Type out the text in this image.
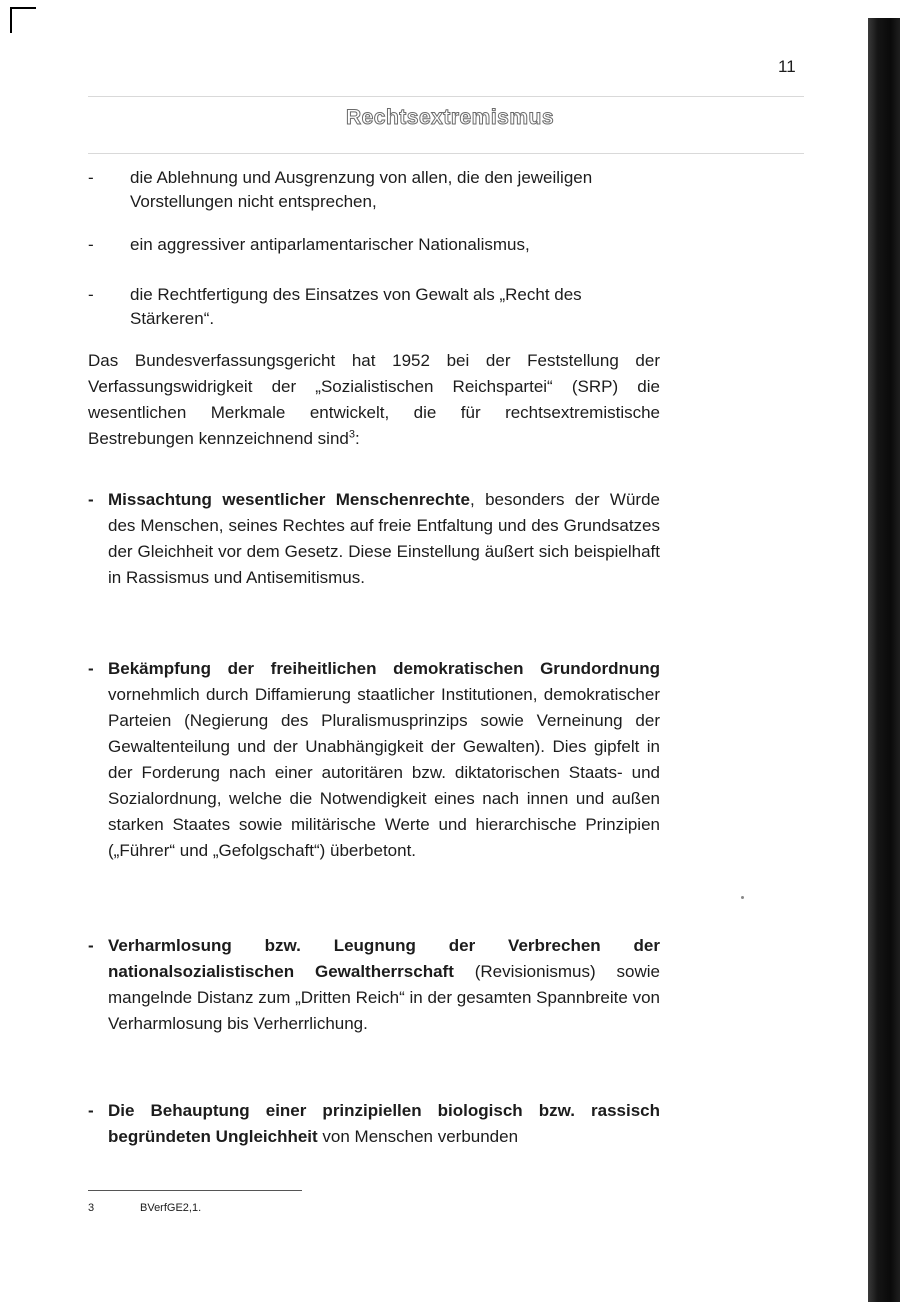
11
Rechtsextremismus
- die Ablehnung und Ausgrenzung von allen, die den jeweiligen Vorstellungen nicht entsprechen,
- ein aggressiver antiparlamentarischer Nationalismus,
- die Rechtfertigung des Einsatzes von Gewalt als „Recht des Stärkeren“.
Das Bundesverfassungsgericht hat 1952 bei der Feststellung der Verfassungswidrigkeit der „Sozialistischen Reichspartei“ (SRP) die wesentlichen Merkmale entwickelt, die für rechtsextremistische Bestrebungen kennzeichnend sind$^3$:
- Missachtung wesentlicher Menschenrechte, besonders der Würde des Menschen, seines Rechtes auf freie Entfaltung und des Grundsatzes der Gleichheit vor dem Gesetz. Diese Einstellung äußert sich beispielhaft in Rassismus und Antisemitismus.
- Bekämpfung der freiheitlichen demokratischen Grundordnung vornehmlich durch Diffamierung staatlicher Institutionen, demokratischer Parteien (Negierung des Pluralismusprinzips sowie Verneinung der Gewaltenteilung und der Unabhängigkeit der Gewalten). Dies gipfelt in der Forderung nach einer autoritären bzw. diktatorischen Staats- und Sozialordnung, welche die Notwendigkeit eines nach innen und außen starken Staates sowie militärische Werte und hierarchische Prinzipien („Führer“ und „Gefolgschaft“) überbetont.
- Verharmlosung bzw. Leugnung der Verbrechen der nationalsozialistischen Gewaltherrschaft (Revisionismus) sowie mangelnde Distanz zum „Dritten Reich“ in der gesamten Spannbreite von Verharmlosung bis Verherrlichung.
- Die Behauptung einer prinzipiellen biologisch bzw. rassisch begründeten Ungleichheit von Menschen verbunden
3	BVerfGE2,1.
